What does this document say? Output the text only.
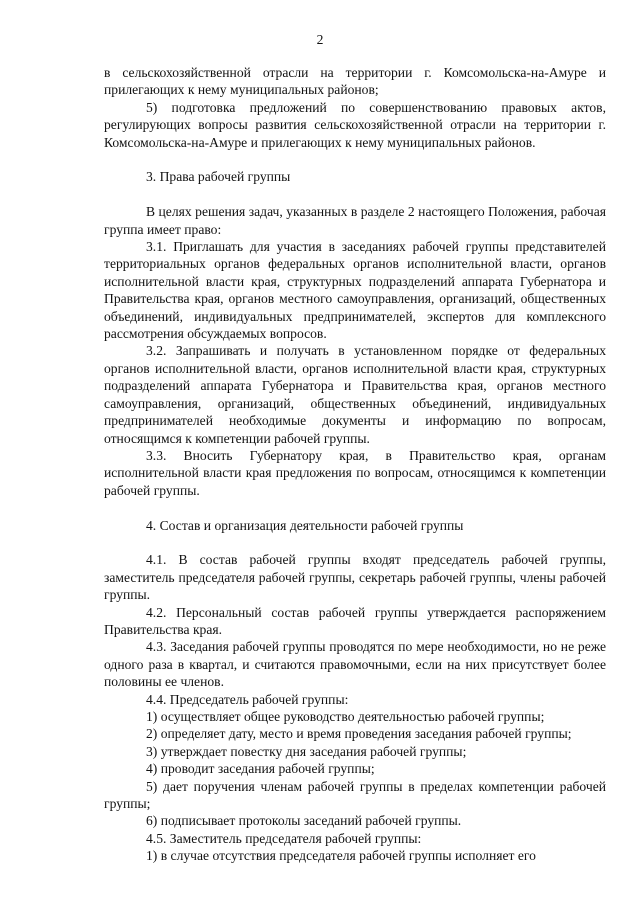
2

в сельскохозяйственной отрасли на территории г. Комсомольска-на-Амуре и прилегающих к нему муниципальных районов;

5) подготовка предложений по совершенствованию правовых актов, регулирующих вопросы развития сельскохозяйственной отрасли на территории г. Комсомольска-на-Амуре и прилегающих к нему муниципальных районов.

3. Права рабочей группы

В целях решения задач, указанных в разделе 2 настоящего Положения, рабочая группа имеет право:

3.1. Приглашать для участия в заседаниях рабочей группы представителей территориальных органов федеральных органов исполнительной власти, органов исполнительной власти края, структурных подразделений аппарата Губернатора и Правительства края, органов местного самоуправления, организаций, общественных объединений, индивидуальных предпринимателей, экспертов для комплексного рассмотрения обсуждаемых вопросов.

3.2. Запрашивать и получать в установленном порядке от федеральных органов исполнительной власти, органов исполнительной власти края, структурных подразделений аппарата Губернатора и Правительства края, органов местного самоуправления, организаций, общественных объединений, индивидуальных предпринимателей необходимые документы и информацию по вопросам, относящимся к компетенции рабочей группы.

3.3. Вносить Губернатору края, в Правительство края, органам исполнительной власти края предложения по вопросам, относящимся к компетенции рабочей группы.

4. Состав и организация деятельности рабочей группы

4.1. В состав рабочей группы входят председатель рабочей группы, заместитель председателя рабочей группы, секретарь рабочей группы, члены рабочей группы.

4.2. Персональный состав рабочей группы утверждается распоряжением Правительства края.

4.3. Заседания рабочей группы проводятся по мере необходимости, но не реже одного раза в квартал, и считаются правомочными, если на них присутствует более половины ее членов.

4.4. Председатель рабочей группы:

1) осуществляет общее руководство деятельностью рабочей группы;

2) определяет дату, место и время проведения заседания рабочей группы;

3) утверждает повестку дня заседания рабочей группы;

4) проводит заседания рабочей группы;

5) дает поручения членам рабочей группы в пределах компетенции рабочей группы;

6) подписывает протоколы заседаний рабочей группы.

4.5. Заместитель председателя рабочей группы:

1) в случае отсутствия председателя рабочей группы исполняет его
